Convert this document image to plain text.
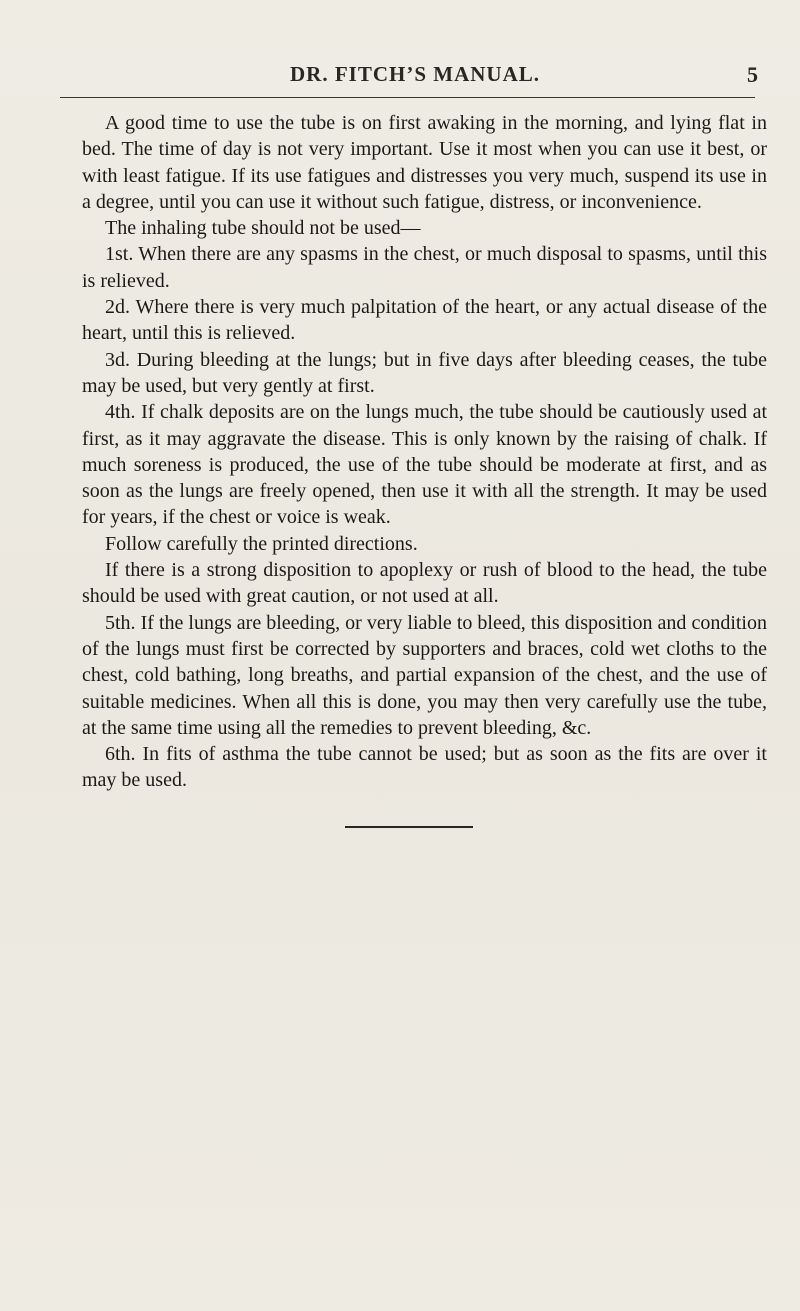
DR. FITCH’S MANUAL.	5

A good time to use the tube is on first awaking in the morning, and lying flat in bed. The time of day is not very important. Use it most when you can use it best, or with least fatigue. If its use fatigues and distresses you very much, suspend its use in a degree, until you can use it without such fatigue, distress, or inconvenience.

The inhaling tube should not be used—

1st. When there are any spasms in the chest, or much disposal to spasms, until this is relieved.

2d. Where there is very much palpitation of the heart, or any actual disease of the heart, until this is relieved.

3d. During bleeding at the lungs; but in five days after bleeding ceases, the tube may be used, but very gently at first.

4th. If chalk deposits are on the lungs much, the tube should be cautiously used at first, as it may aggravate the disease. This is only known by the raising of chalk. If much soreness is produced, the use of the tube should be moderate at first, and as soon as the lungs are freely opened, then use it with all the strength. It may be used for years, if the chest or voice is weak.

Follow carefully the printed directions.

If there is a strong disposition to apoplexy or rush of blood to the head, the tube should be used with great caution, or not used at all.

5th. If the lungs are bleeding, or very liable to bleed, this disposition and condition of the lungs must first be corrected by supporters and braces, cold wet cloths to the chest, cold bathing, long breaths, and partial expansion of the chest, and the use of suitable medicines. When all this is done, you may then very carefully use the tube, at the same time using all the remedies to prevent bleeding, &c.

6th. In fits of asthma the tube cannot be used; but as soon as the fits are over it may be used.
